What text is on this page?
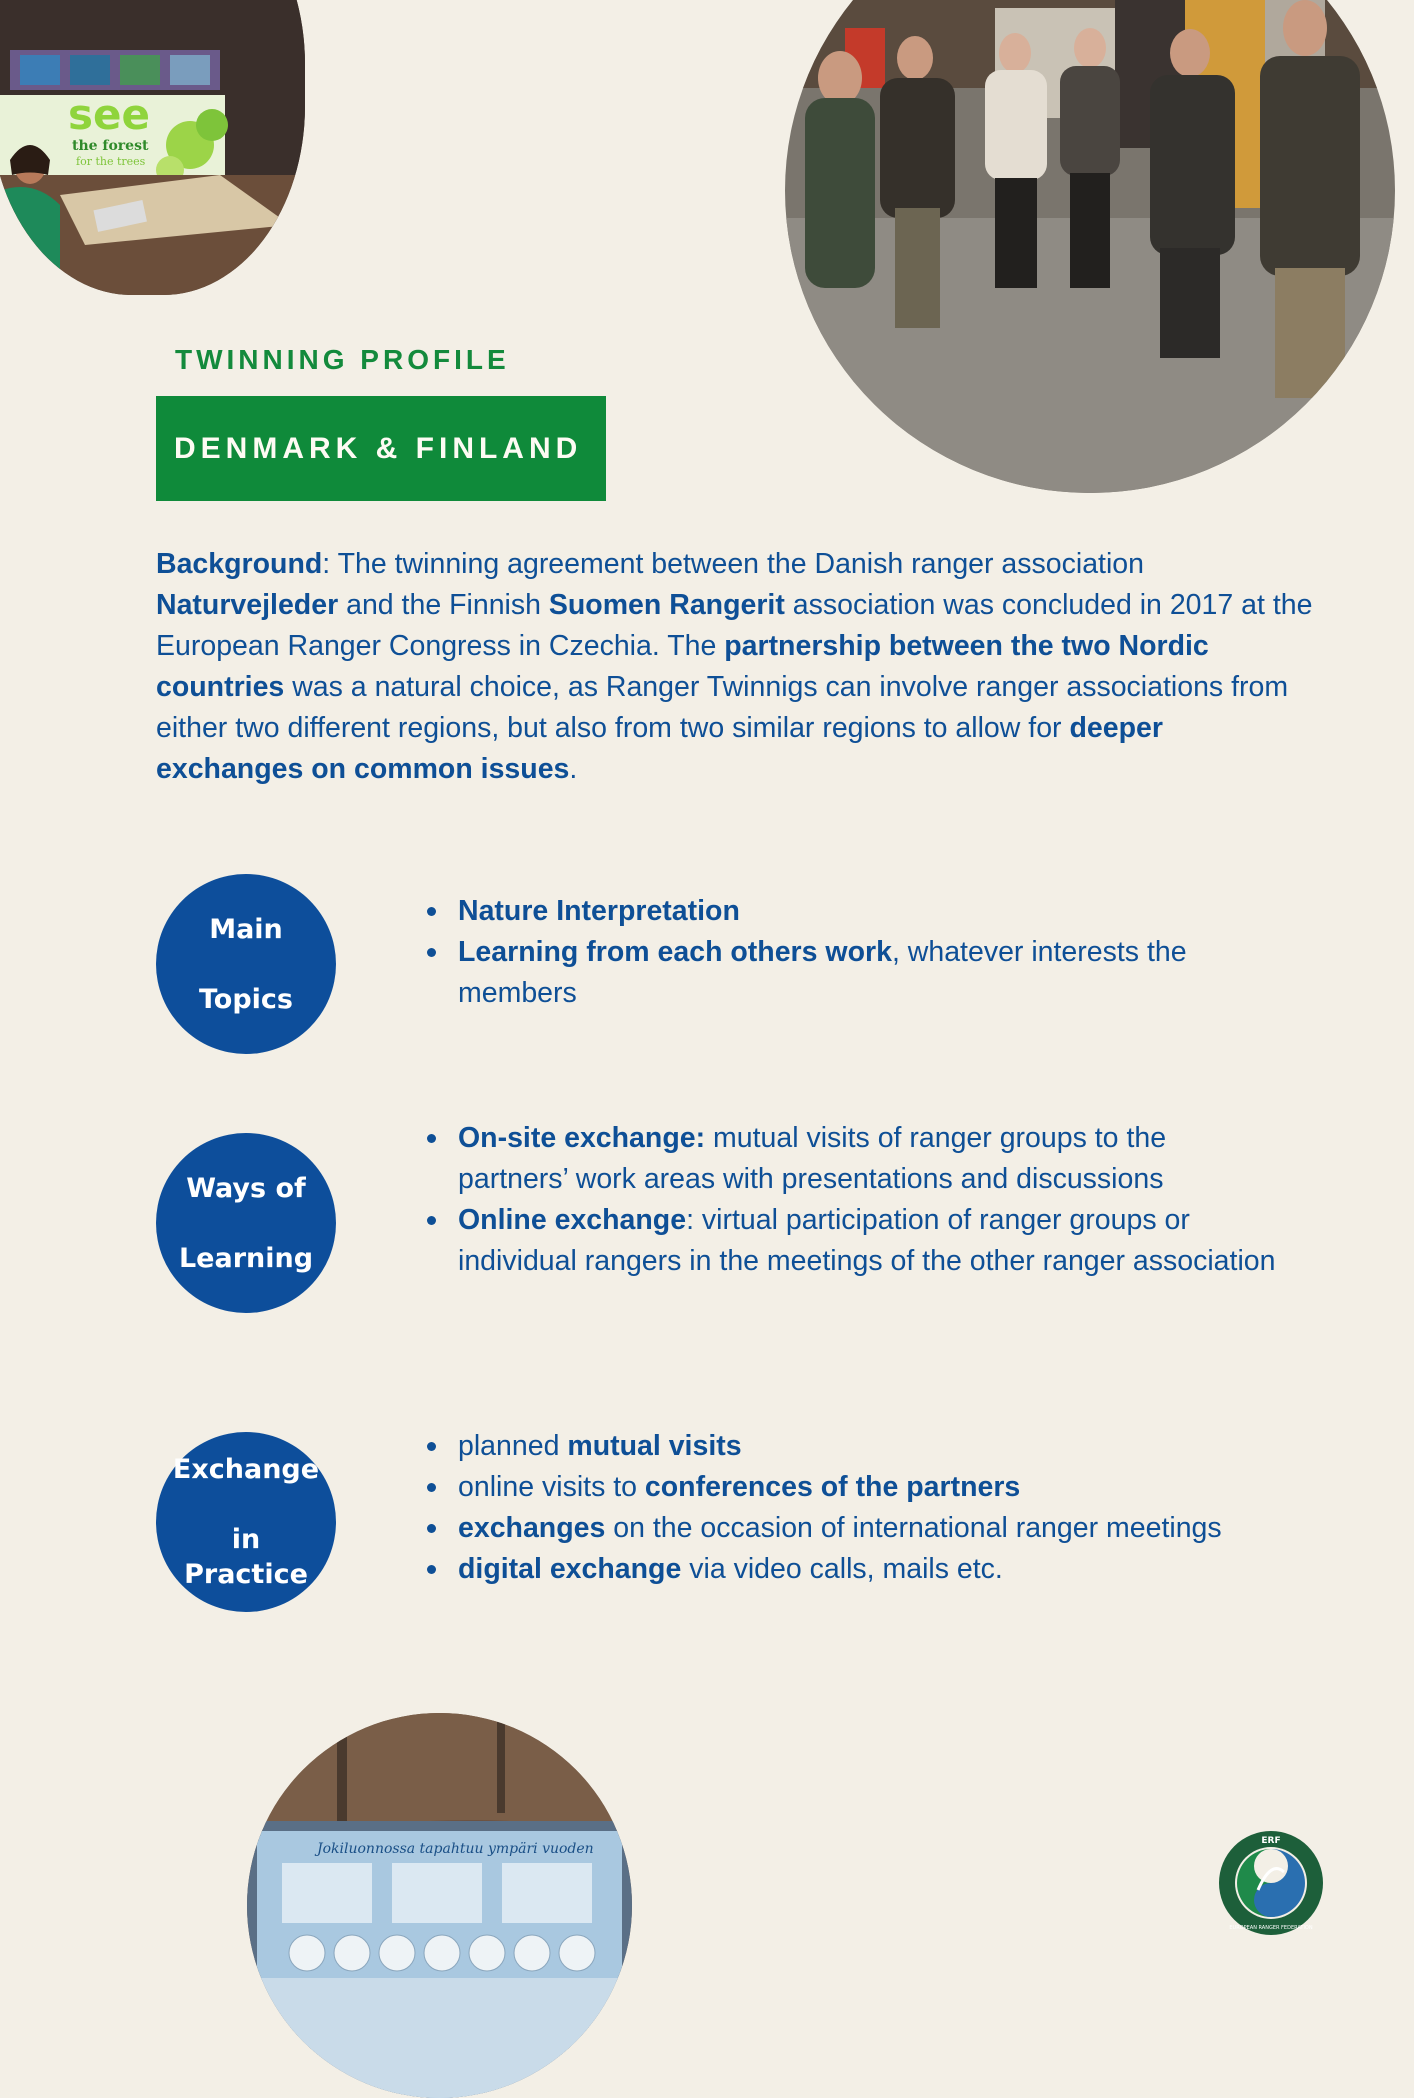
see
the forest
for the trees
TWINNING PROFILE
DENMARK & FINLAND
Background: The twinning agreement between the Danish ranger association Naturvejleder and the Finnish Suomen Rangerit association was concluded in 2017 at the European Ranger Congress in Czechia. The partnership between the two Nordic countries was a natural choice, as Ranger Twinnigs can involve ranger associations from either two different regions, but also from two similar regions to allow for deeper exchanges on common issues.
Main

Topics
Nature Interpretation
Learning from each others work, whatever interests the members
Ways of

Learning
On-site exchange: mutual visits of ranger groups to the partners’ work areas with presentations and discussions
Online exchange: virtual participation of ranger groups or individual rangers in the meetings of the other ranger association
Exchange

in Practice
planned mutual visits
online visits to conferences of the partners
exchanges on the occasion of international ranger meetings
digital exchange via video calls, mails etc.
Jokiluonnossa tapahtuu ympäri vuoden	ERF
EUROPEAN RANGER FEDERATION
